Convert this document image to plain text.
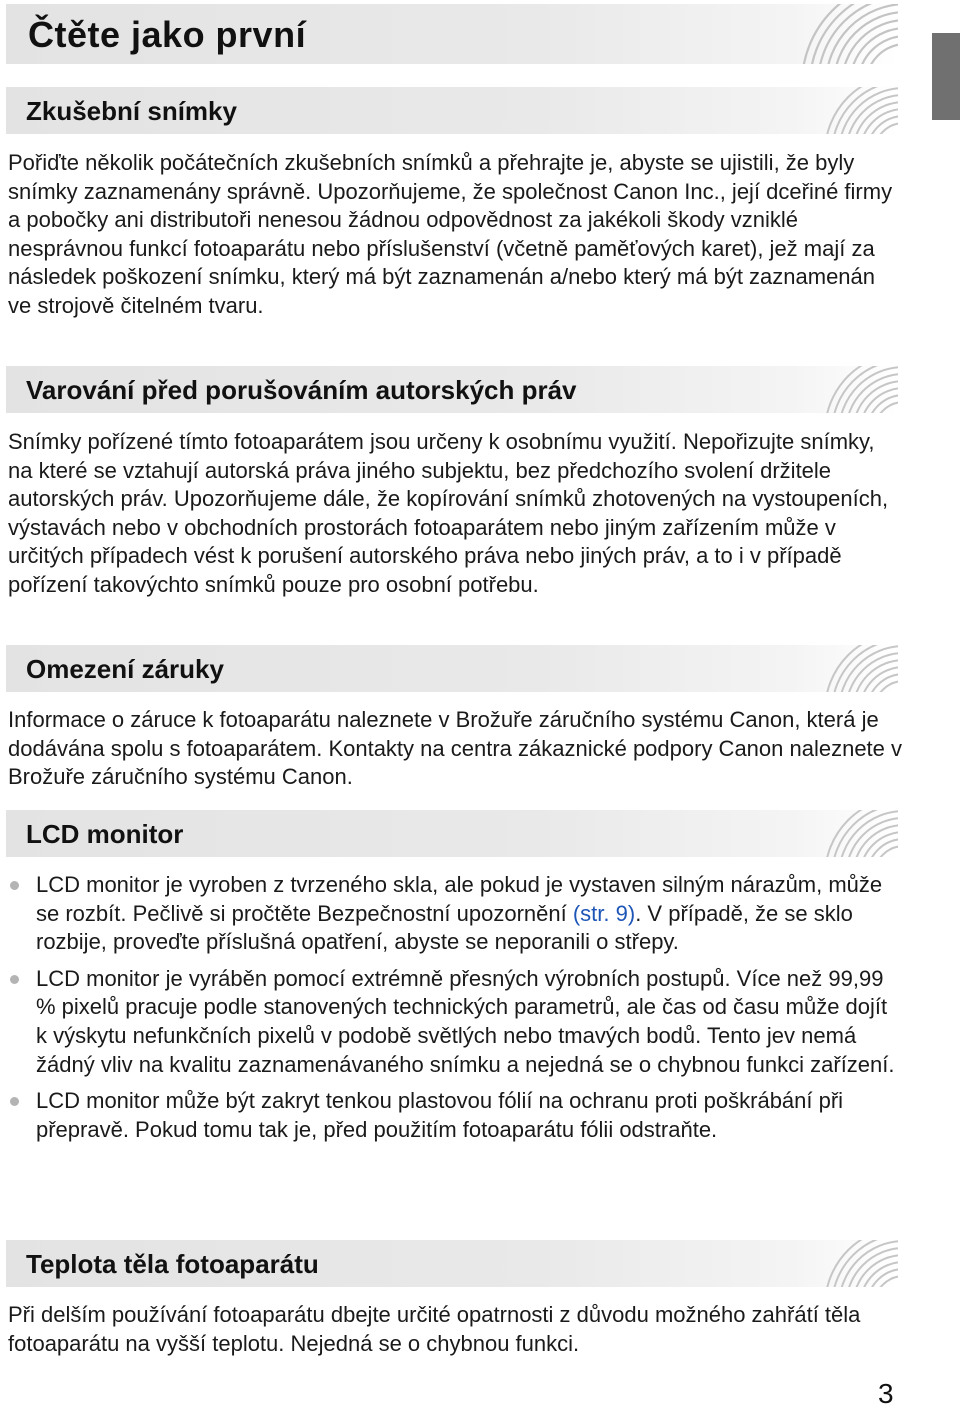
Čtěte jako první
Zkušební snímky

Pořiďte několik počátečních zkušebních snímků a přehrajte je, abyste se ujistili, že byly snímky zaznamenány správně. Upozorňujeme, že společnost Canon Inc., její dceřiné firmy a pobočky ani distributoři nenesou žádnou odpovědnost za jakékoli škody vzniklé nesprávnou funkcí fotoaparátu nebo příslušenství (včetně paměťových karet), jež mají za následek poškození snímku, který má být zaznamenán a/nebo který má být zaznamenán ve strojově čitelném tvaru.

Varování před porušováním autorských práv

Snímky pořízené tímto fotoaparátem jsou určeny k osobnímu využití. Nepořizujte snímky, na které se vztahují autorská práva jiného subjektu, bez předchozího svolení držitele autorských práv. Upozorňujeme dále, že kopírování snímků zhotovených na vystoupeních, výstavách nebo v obchodních prostorách fotoaparátem nebo jiným zařízením může v určitých případech vést k porušení autorského práva nebo jiných práv, a to i v případě pořízení takovýchto snímků pouze pro osobní potřebu.

Omezení záruky

Informace o záruce k fotoaparátu naleznete v Brožuře záručního systému Canon, která je dodávána spolu s fotoaparátem. Kontakty na centra zákaznické podpory Canon naleznete v Brožuře záručního systému Canon.

LCD monitor
LCD monitor je vyroben z tvrzeného skla, ale pokud je vystaven silným nárazům, může se rozbít. Pečlivě si pročtěte Bezpečnostní upozornění (str. 9). V případě, že se sklo rozbije, proveďte příslušná opatření, abyste se neporanili o střepy.
LCD monitor je vyráběn pomocí extrémně přesných výrobních postupů. Více než 99,99 % pixelů pracuje podle stanovených technických parametrů, ale čas od času může dojít k výskytu nefunkčních pixelů v podobě světlých nebo tmavých bodů. Tento jev nemá žádný vliv na kvalitu zaznamenávaného snímku a nejedná se o chybnou funkci zařízení.
LCD monitor může být zakryt tenkou plastovou fólií na ochranu proti poškrábání při přepravě. Pokud tomu tak je, před použitím fotoaparátu fólii odstraňte.
Teplota těla fotoaparátu

Při delším používání fotoaparátu dbejte určité opatrnosti z důvodu možného zahřátí těla fotoaparátu na vyšší teplotu. Nejedná se o chybnou funkci.

3
